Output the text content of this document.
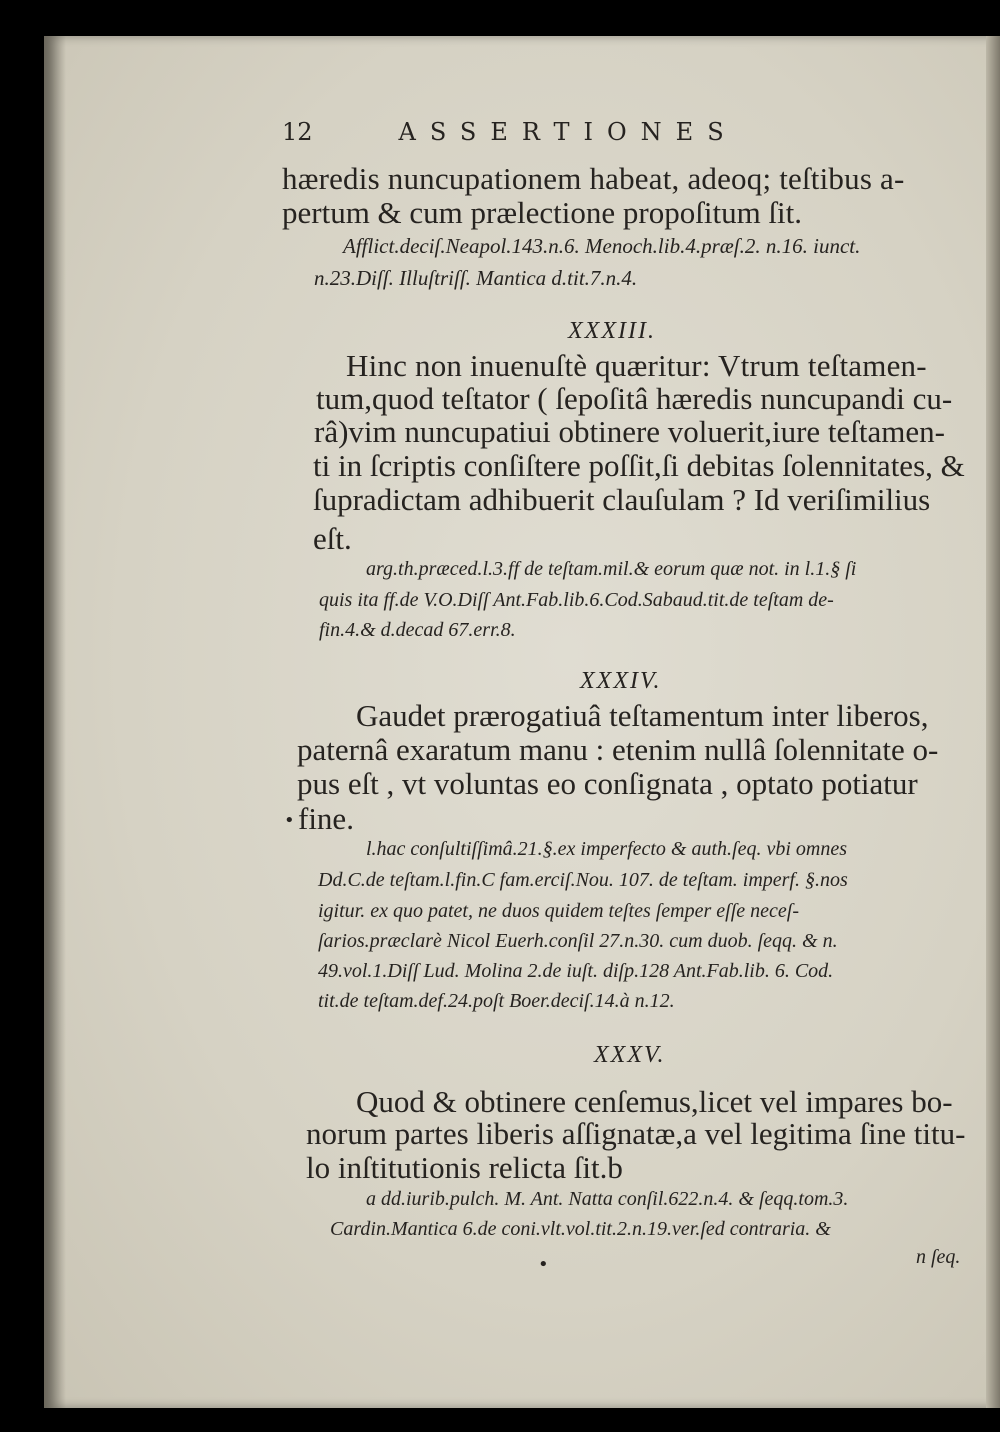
12	ASSERTIONES
hæredis nuncupationem habeat, adeoq; teſtibus a-
pertum & cum prælectione propoſitum ſit.
Afflict.deciſ.Neapol.143.n.6. Menoch.lib.4.præſ.2. n.16. iunct.
n.23.Diſſ. Illuſtriſſ. Mantica d.tit.7.n.4.
XXXIII.
Hinc non inuenuſtè quæritur: Vtrum teſtamen-
tum,quod teſtator ( ſepoſitâ hæredis nuncupandi cu-
râ)vim nuncupatiui obtinere voluerit,iure teſtamen-
ti in ſcriptis conſiſtere poſſit,ſi debitas ſolennitates, &
ſupradictam adhibuerit clauſulam ? Id veriſimilius
eſt.
arg.th.præced.l.3.ff de teſtam.mil.& eorum quæ not. in l.1.§ ſi
quis ita ff.de V.O.Diſſ Ant.Fab.lib.6.Cod.Sabaud.tit.de teſtam de-
fin.4.& d.decad 67.err.8.
XXXIV.
Gaudet prærogatiuâ teſtamentum inter liberos,
paternâ exaratum manu : etenim nullâ ſolennitate o-
pus eſt , vt voluntas eo conſignata , optato potiatur
• fine.
l.hac conſultiſſimâ.21.§.ex imperfecto & auth.ſeq. vbi omnes
Dd.C.de teſtam.l.fin.C fam.erciſ.Nou. 107. de teſtam. imperf. §.nos
igitur. ex quo patet, ne duos quidem teſtes ſemper eſſe neceſ-
ſarios.præclarè Nicol Euerh.conſil 27.n.30. cum duob. ſeqq. & n.
49.vol.1.Diſſ Lud. Molina 2.de iuſt. diſp.128 Ant.Fab.lib. 6. Cod.
tit.de teſtam.def.24.poſt Boer.deciſ.14.à n.12.
XXXV.
Quod & obtinere cenſemus,licet vel impares bo-
norum partes liberis aſſignatæ,a vel legitima ſine titu-
lo inſtitutionis relicta ſit.b
a dd.iurib.pulch. M. Ant. Natta conſil.622.n.4. & ſeqq.tom.3.
Cardin.Mantica 6.de coni.vlt.vol.tit.2.n.19.ver.ſed contraria. &
n ſeq.
•
